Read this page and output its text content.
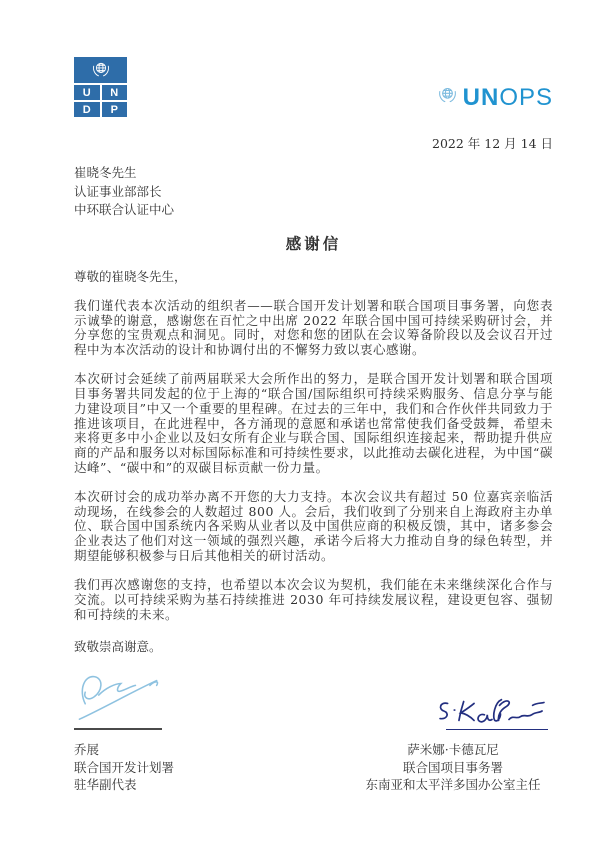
U	N
D	P	UNOPS
2022 年 12 月 14 日
崔晓冬先生
认证事业部部长
中环联合认证中心
感谢信
尊敬的崔晓冬先生，

我们谨代表本次活动的组织者——联合国开发计划署和联合国项目事务署，向您表示诚挚的谢意，感谢您在百忙之中出席 2022 年联合国中国可持续采购研讨会，并分享您的宝贵观点和洞见。同时，对您和您的团队在会议筹备阶段以及会议召开过程中为本次活动的设计和协调付出的不懈努力致以衷心感谢。

本次研讨会延续了前两届联采大会所作出的努力，是联合国开发计划署和联合国项目事务署共同发起的位于上海的“联合国/国际组织可持续采购服务、信息分享与能力建设项目”中又一个重要的里程碑。在过去的三年中，我们和合作伙伴共同致力于推进该项目，在此进程中，各方涌现的意愿和承诺也常常使我们备受鼓舞，希望未来将更多中小企业以及妇女所有企业与联合国、国际组织连接起来，帮助提升供应商的产品和服务以对标国际标准和可持续性要求，以此推动去碳化进程，为中国“碳达峰”、“碳中和”的双碳目标贡献一份力量。

本次研讨会的成功举办离不开您的大力支持。本次会议共有超过 50 位嘉宾亲临活动现场，在线参会的人数超过 800 人。会后，我们收到了分别来自上海政府主办单位、联合国中国系统内各采购从业者以及中国供应商的积极反馈，其中，诸多参会企业表达了他们对这一领域的强烈兴趣，承诺今后将大力推动自身的绿色转型，并期望能够积极参与日后其他相关的研讨活动。

我们再次感谢您的支持，也希望以本次会议为契机，我们能在未来继续深化合作与交流。以可持续采购为基石持续推进 2030 年可持续发展议程，建设更包容、强韧和可持续的未来。

致敬崇高谢意。
乔展
联合国开发计划署
驻华副代表
萨米娜·卡德瓦尼
联合国项目事务署
东南亚和太平洋多国办公室主任
